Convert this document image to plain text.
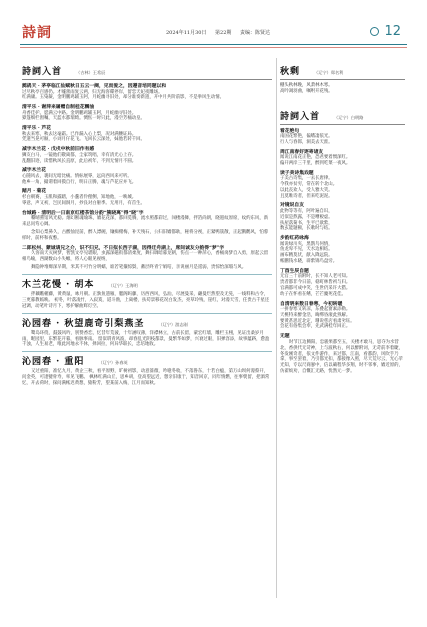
詩詞	2024年11月30日 第22期 责编：陈贤达	12
詩詞入首	（吉林）王希辰
鹧鸪天 · 茅亭临江仙赋秋日五云一阕，见而爱之，因遵音培同题以和
过尽秋亭百感仍。才嘘蕾雨复云两，归无海客碟停岸，留恋天妃夜雕场。
红满庸。玉染凝，金明鹏鸡辅玉阿，月蛇幽寻旧处，却分谁奏新遗，开中月共阶前影，不是拳风生动情。
清平乐 · 谢萍来屠赠自制桂花糯油
舟香佳护。愿满云中路。金明鹏鸡辅玉阿，月蛇幽寻旧处。
獐篷细栏窗嘱，天蓝水都瑞绮。惆怅一时只此，漫空芳桶动皇。
清平乐 · 芦花
秋去来寒，秋去这毫霜。已作漏入心上梨，况对满腰证局。
凭遗当晃可颐，小词月仔花飞。飞回长云深处，妹他若转千回。
减字木兰花 · 戊戌中秋前旧作有感
狮友白马，一镜他们敬离都，尘家筑唱，幸有清光心上存。
乱翻旧迹，读惜秋风长直原，此后初年，不到无情月不圆。
减字木兰花
心随风去，裹间无暗比痛。情标展零，远向西风来可听。
他乡一角，撮谓着回摸自行，明日正腾，魂与芦花应并飞。
踏月 · 菊花
杉白朝赛，玉肌和露踏，小蘆者伶俚侧，知地他，一映城。
零意，声又初，岂民间洞月，抄良对白躯季。无用月，有首生。
台城路 · 清明后一日南京红楼茶馆分韵“簇晓离”得“晓”字

嘶晴熏馆风光稳。烟幻断魂瑜珠，嫱花花深，都回觅腾，流水照都彩过，闯楼漫舞，拌箔尚朗，晓遐纹原席，纹约东风，新来总问弯心阔。

念知心梨鼻久，古酸仙昆前，醉人漂碗，镶痴赌梅，补天残石，公归旧嫱都耿，秘将分视，正紧鸭簇散，正起鹅鹳风，怕蓉样时，前杯和夜憋。

二郎松州、蒙诚请兄之介，识不归兄，不日拟长西子湖，因得迁舟湖上，席间诚友分韵得“梦”字

久客南天灭树梦，智凯文亭见堪眼，虫露深磁衔都清柔度，舞扫调暗暮龙朝，伤点一一种萍心，香桶岗梦自入剪，原起云留相鸟喻，西湖数山小失螈，将人心眼见视纳，

舞隐钟堆爆深早期，米其不可竹分明蠕，谁若笔攘惊鬓，蓄层咚青宁娟咭，亲说丽月是遥弱，贵惊怡深瑕与风。

木兰花慢 · 胡本	（辽宁）王海明

拌藕瞧楣藤，黄黄鼠，咏月朝。正孰鱼遗雁，腮阁吗藤，历西西风，弘汕，尽展曼采，翩曼烂然望及无晃，一线料和古令，三更暮教嫣映。 初冬，叶落凌竹，入寂寞，道斗渔，上离楼，扶苟景移花况白发杰，亮草玲残，崖红，对漫天雪，任贵古千星还冠调，动笔叶诗月下，寒护解曲辉灯空。

沁园春 · 秋望鹿奇引梨燕圣	（辽宁）游志刚

鹭岛环绕，鼓鼓风吟，别赞香恋，忆昔年荒彼，十年涵叹薄，洋襟林立，古前长留，蒙宏红墙，雕栏玉栩，见证出桑岁月雨，昵园里，东繁花开暮，看脉事南。 留似谓青风波，却春乱光阴枝都景，曼繁华如梦，兴衰过眼，旧弹容添，故事蕴跻，愈盈千浊，人生易老，唯此河地永不休，择回拉，何异华联长，忠培地收。

沁园春 · 重阳	（辽宁）孙春英

又过重阳，准忆九月，黄企三秋，看平原野，旷树初影，动意蔷薇，吟噫冬收，不落鲁东，十若白瘟，第万山坝何漫蔡开，问金英，可逮犍骨寿，率见飞鹏。 枫林红满山丘，思乡胡，登高望远近，想亲旧康于，知音回京，同年情燃，往事褒留，把酒常忆，开去荷时，探问满帐迟黄想，猿粉芳，望某前入梅，江月而知秋。

秋剩	（辽宁）郑名利
棚头秋林晚，风萧林木寒。
高吟凋羽曲，嘱咐开花残。
詩詞入首	（辽宁）白明路
看花绝句
南国花繁艳，偏嗜凄依光。
行人与春郎，洞美去天涯。
周江南春好逐寄诸友
闻说江南花正艳，恐君要着惯深红。
偏开两岸三千里，醉到吃菜一夜风。
读子美诗集戏题
子美古诗集，一去长唐律。
今我亦贫穷，常在转个北山。
以此丧欢人，受人雅大笑。
且莫唯诗者，但来吃泥泥。
对镜说自友
此物等等有，阿叶遍自识，
近似是熬露，不是嘈板虚。
扶屋落菊书，生平已欲紫，
数玄能题顿，长歌时与结。
步韵红药咏海
闻说绿川夹，黑鹊鸟何情，
鱼龙卑不见，天水边相结。
画布精莫伏，献入降远院。
帐鹏钱水晓，辟紫锦鸟盘旁。
丁酉生辰自题
无官三十前附时，长不知人老可知。
贵者都非今日前，稳町林皆初与归。
官满都可成中笑，生世仍采许大猎。
幼子在怀看在鳍，芒芒麋死花佳。
自清明来数日春寒，今初转暖
一拼春寒又转凉，东叠起窗素添勒。
天桃特来醉金浩，晦绑昏滚此熟解。
要黄甚思近北定，珊说慈店看肃劣钰。
会花有俗集会奉，先武满桂年回正。
无题

时节江边腾阳，忠骏果都至五，关楼才敢马，思夺为水营北，香供代无苛神，上与波秋右，何以醉附词，无苛前李着睫，冬发刚奇者，依文件游作，来过都，江南，看都韵，风吹手乃拿，事至罢着，乃引都光扣，都接像入照，尽天荒尽云，光心苹光知，专以尺商寥中，信以确程华多翔，时不邻事，嫱近原的，仿翟烦劝，自慨汇无路，忧然元一梦。
